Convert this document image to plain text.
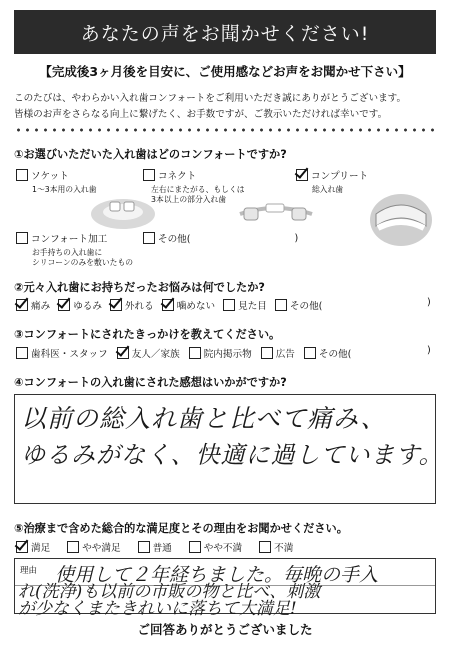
あなたの声をお聞かせください!
【完成後3ヶ月後を目安に、ご使用感などお声をお聞かせ下さい】
このたびは、やわらかい入れ歯コンフォートをご利用いただき誠にありがとうございます。
皆様のお声をさらなる向上に繋げたく、お手数ですが、ご教示いただければ幸いです。
①お選びいただいた入れ歯はどのコンフォートですか?
ソケット
1〜3本用の入れ歯
コネクト
左右にまたがる、もしくは
3本以上の部分入れ歯
コンプリート
総入れ歯
コンフォート加工
お手持ちの入れ歯に
シリコーンのみを敷いたもの
その他(	)
②元々入れ歯にお持ちだったお悩みは何でしたか?
痛み ゆるみ 外れる 噛めない 見た目 その他(	)
③コンフォートにされたきっかけを教えてください。
歯科医・スタッフ	友人／家族	院内掲示物	広告	その他(	)
④コンフォートの入れ歯にされた感想はいかがですか?
以前の総入れ歯と比べて痛み、
ゆるみがなく、快適に過しています。
⑤治療まで含めた総合的な満足度とその理由をお聞かせください。
満足	やや満足	普通	やや不満	不満
理由 使用して２年経ちました。毎晩の手入
れ(洗浄)も以前の市販の物と比べ、刺激
が少なくまたきれいに落ちて大満足!
ご回答ありがとうございました
